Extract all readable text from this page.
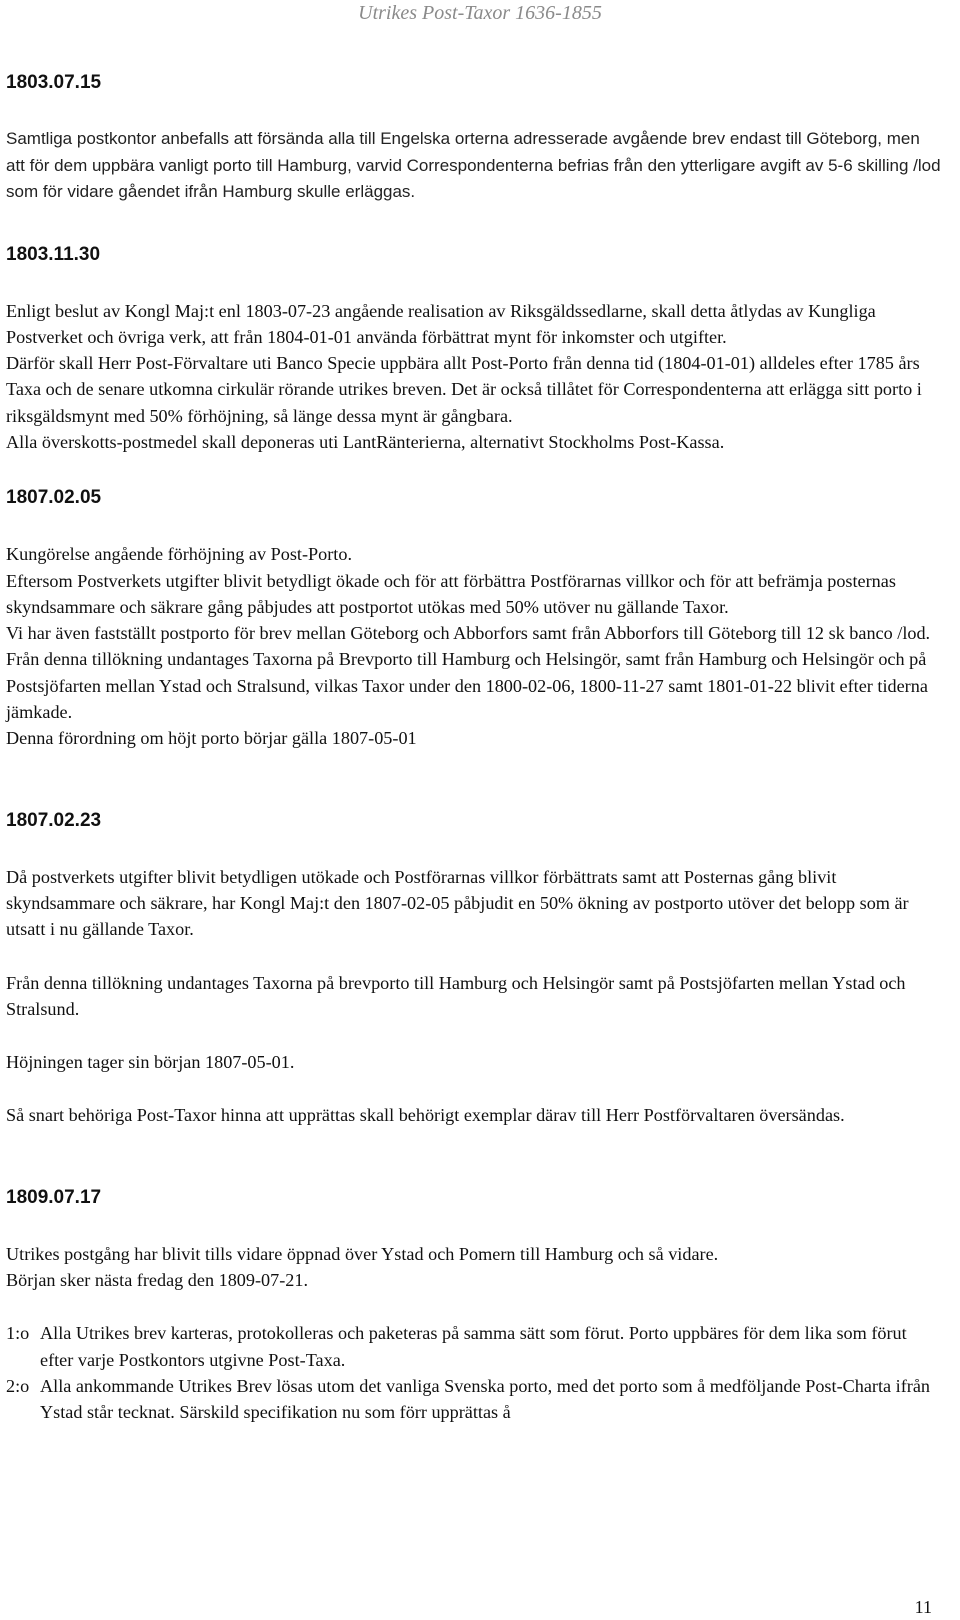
Utrikes Post-Taxor 1636-1855

1803.07.15

Samtliga postkontor anbefalls att försända alla till Engelska orterna adresserade avgående brev endast till Göteborg, men att för dem uppbära vanligt porto till Hamburg, varvid Correspondenterna befrias från den ytterligare avgift av 5-6 skilling /lod som för vidare gåendet ifrån Hamburg skulle erläggas.

1803.11.30

Enligt beslut av Kongl Maj:t enl 1803-07-23 angående realisation av Riksgäldssedlarne, skall detta åtlydas av Kungliga Postverket och övriga verk, att från 1804-01-01 använda förbättrat mynt för inkomster och utgifter.

Därför skall Herr Post-Förvaltare uti Banco Specie uppbära allt Post-Porto från denna tid (1804-01-01) alldeles efter 1785 års Taxa och de senare utkomna cirkulär rörande utrikes breven. Det är också tillåtet för Correspondenterna att erlägga sitt porto i riksgäldsmynt med 50% förhöjning, så länge dessa mynt är gångbara.

Alla överskotts-postmedel skall deponeras uti LantRänterierna, alternativt Stockholms Post-Kassa.

1807.02.05

Kungörelse angående förhöjning av Post-Porto.

Eftersom Postverkets utgifter blivit betydligt ökade och för att förbättra Postförarnas villkor och för att befrämja posternas skyndsammare och säkrare gång påbjudes att postportot utökas med 50% utöver nu gällande Taxor.

Vi har även fastställt postporto för brev mellan Göteborg och Abborfors samt från Abborfors till Göteborg till 12 sk banco /lod.

Från denna tillökning undantages Taxorna på Brevporto till Hamburg och Helsingör, samt från Hamburg och Helsingör och på Postsjöfarten mellan Ystad och Stralsund, vilkas Taxor under den 1800-02-06, 1800-11-27 samt 1801-01-22 blivit efter tiderna jämkade.

Denna förordning om höjt porto börjar gälla 1807-05-01

1807.02.23

Då postverkets utgifter blivit betydligen utökade och Postförarnas villkor förbättrats samt att Posternas gång blivit skyndsammare och säkrare, har Kongl Maj:t den 1807-02-05 påbjudit en 50% ökning av postporto utöver det belopp som är utsatt i nu gällande Taxor.

Från denna tillökning undantages Taxorna på brevporto till Hamburg och Helsingör samt på Postsjöfarten mellan Ystad och Stralsund.

Höjningen tager sin början 1807-05-01.

Så snart behöriga Post-Taxor hinna att upprättas skall behörigt exemplar därav till Herr Postförvaltaren översändas.

1809.07.17

Utrikes postgång har blivit tills vidare öppnad över Ystad och Pomern till Hamburg och så vidare.

Början sker nästa fredag den 1809-07-21.

1:o Alla Utrikes brev karteras, protokolleras och paketeras på samma sätt som förut. Porto uppbäres för dem lika som förut efter varje Postkontors utgivne Post-Taxa.
2:o Alla ankommande Utrikes Brev lösas utom det vanliga Svenska porto, med det porto som å medföljande Post-Charta ifrån Ystad står tecknat. Särskild specifikation nu som förr upprättas å
11
